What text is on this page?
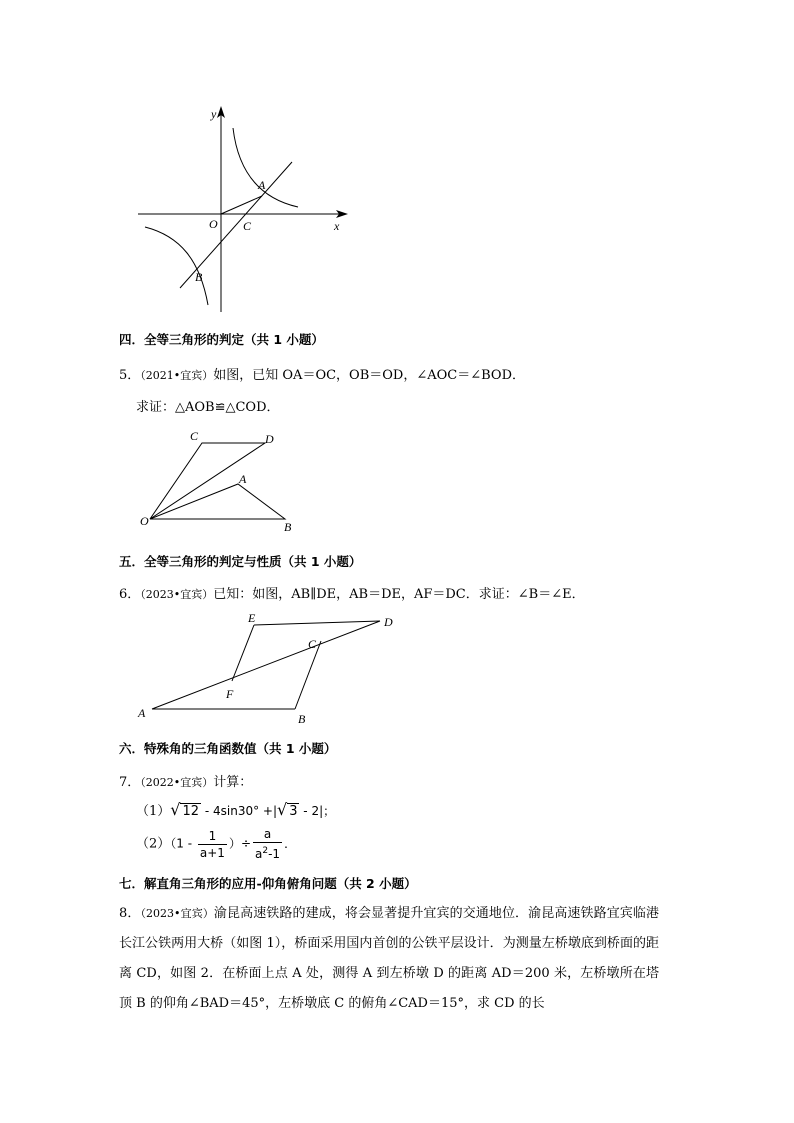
y
x
O
A
C
B
四．全等三角形的判定（共 1 小题）
5．（2021•宜宾）如图，已知 OA＝OC，OB＝OD，∠AOC＝∠BOD．
求证：△AOB≌△COD．
C	D
A
O	B
五．全等三角形的判定与性质（共 1 小题）
6．（2023•宜宾）已知：如图，AB∥DE，AB＝DE，AF＝DC．求证：∠B＝∠E．
E	D
C
F
A	B
六．特殊角的三角函数值（共 1 小题）
7．（2022•宜宾）计算：
（1）√ 12 - 4sin30° +|√ 3 - 2|；
$(2)(1 - \frac{1}{a+1}$ ）÷ $\frac{a}{a^2-1}$ ．
七．解直角三角形的应用-仰角俯角问题（共 2 小题）
8．（2023•宜宾）渝昆高速铁路的建成，将会显著提升宜宾的交通地位．渝昆高速铁路宜宾临港长江公铁两用大桥（如图 1），桥面采用国内首创的公铁平层设计．为测量左桥墩底到桥面的距离 CD，如图 2．在桥面上点 A 处，测得 A 到左桥墩 D 的距离 AD＝200 米，左桥墩所在塔顶 B 的仰角∠BAD＝45°，左桥墩底 C 的俯角∠CAD＝15°，求 CD 的长
